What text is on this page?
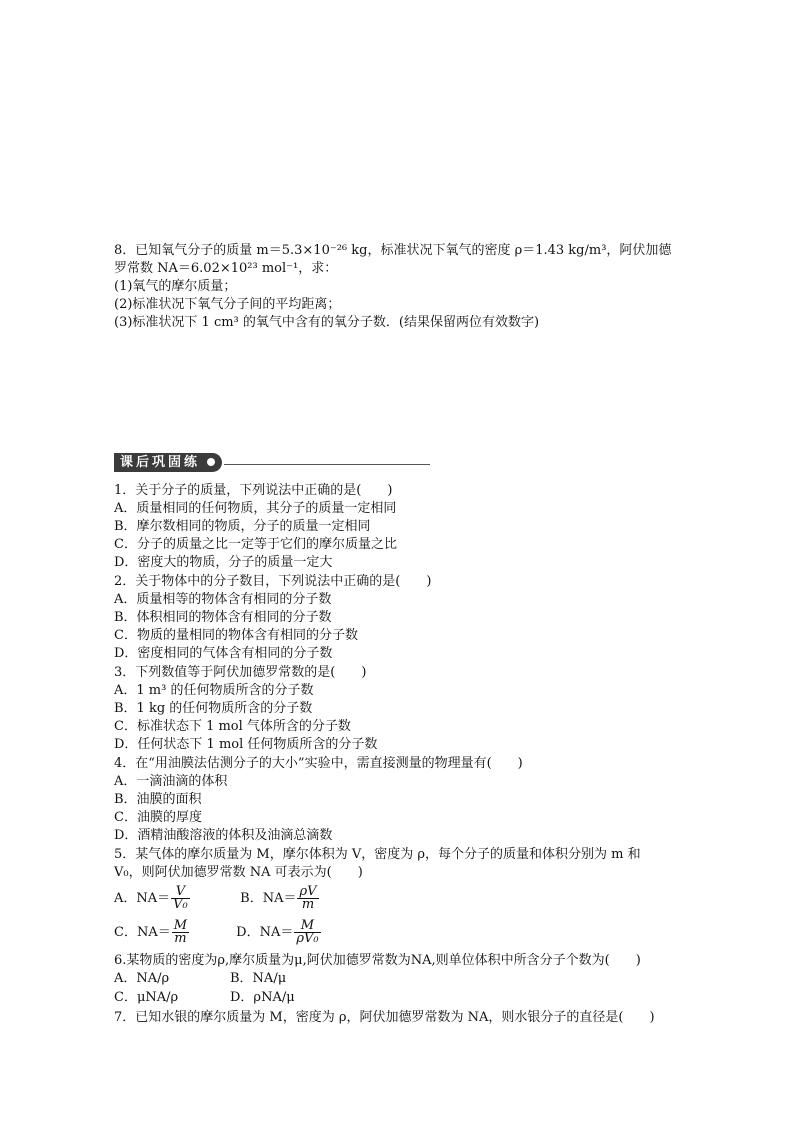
8．已知氧气分子的质量 m＝5.3×10⁻²⁶ kg，标准状况下氧气的密度 ρ＝1.43 kg/m³，阿伏加德
罗常数 NA＝6.02×10²³ mol⁻¹，求：
(1)氧气的摩尔质量；
(2)标准状况下氧气分子间的平均距离；
(3)标准状况下 1 cm³ 的氧气中含有的氧分子数．(结果保留两位有效数字)
课后巩固练
1．关于分子的质量，下列说法中正确的是(　　)
A．质量相同的任何物质，其分子的质量一定相同
B．摩尔数相同的物质，分子的质量一定相同
C．分子的质量之比一定等于它们的摩尔质量之比
D．密度大的物质，分子的质量一定大
2．关于物体中的分子数目，下列说法中正确的是(　　)
A．质量相等的物体含有相同的分子数
B．体积相同的物体含有相同的分子数
C．物质的量相同的物体含有相同的分子数
D．密度相同的气体含有相同的分子数
3．下列数值等于阿伏加德罗常数的是(　　)
A．1 m³ 的任何物质所含的分子数
B．1 kg 的任何物质所含的分子数
C．标准状态下 1 mol 气体所含的分子数
D．任何状态下 1 mol 任何物质所含的分子数
4．在“用油膜法估测分子的大小”实验中，需直接测量的物理量有(　　)
A．一滴油滴的体积
B．油膜的面积
C．油膜的厚度
D．酒精油酸溶液的体积及油滴总滴数
5．某气体的摩尔质量为 M，摩尔体积为 V，密度为 ρ，每个分子的质量和体积分别为 m 和
V₀，则阿伏加德罗常数 NA 可表示为(　　)
A．$NA= \frac{V}{\text{V₀}}$	B．$NA= \frac{\rho V}{m}$
C．$NA= \frac{M}{m}$	D．$NA= \frac{M}{\text{ρV₀}}$
6.某物质的密度为ρ,摩尔质量为μ,阿伏加德罗常数为NA,则单位体积中所含分子个数为(　　)
A．NA/ρ	B．NA/μ
C．μNA/ρ	D．ρNA/μ
7．已知水银的摩尔质量为 M，密度为 ρ，阿伏加德罗常数为 NA，则水银分子的直径是(　　)
